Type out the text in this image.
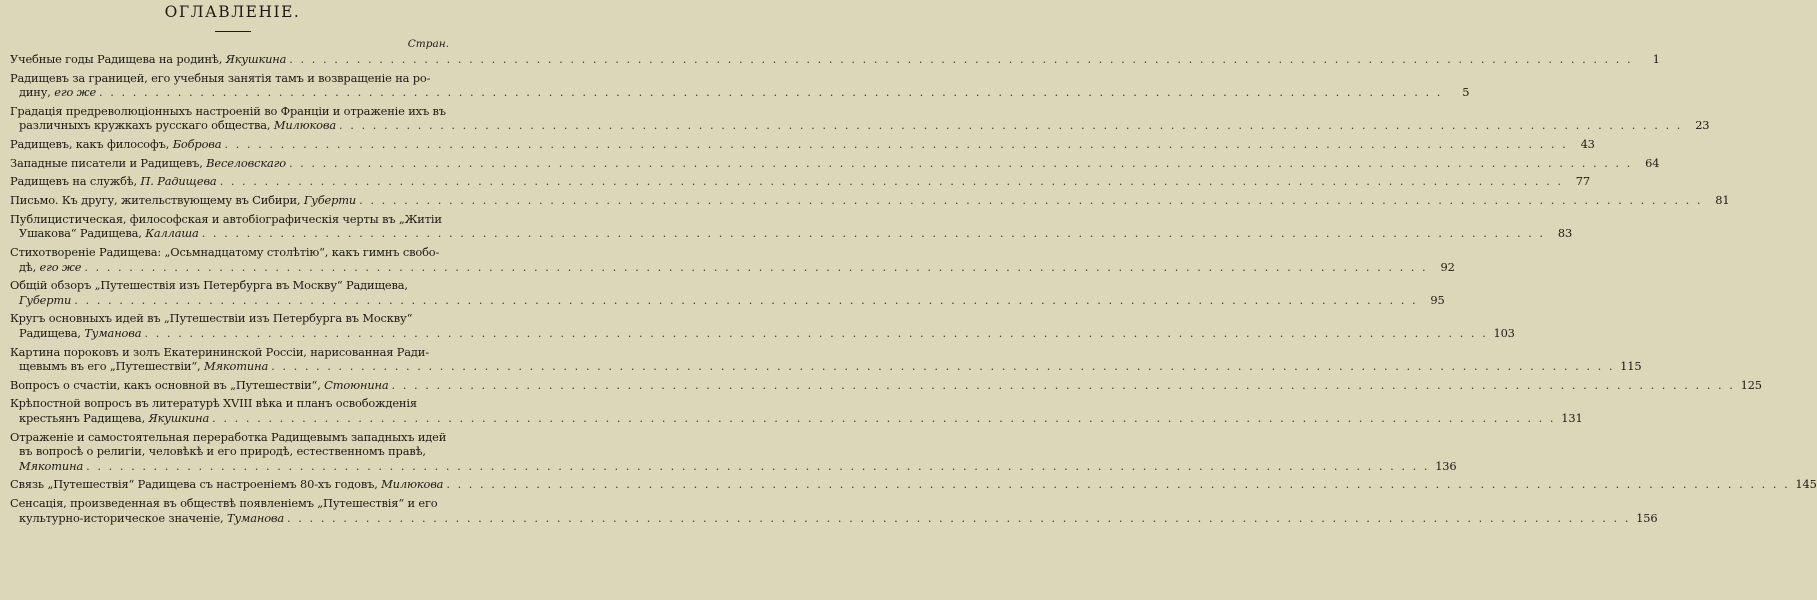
ОГЛАВЛЕНIЕ.
Стран.
Учебные годы Радищева на родинѣ, Якушкина . . . . . . . . . . . . . . . . . . . . . . . . . . . . . . . . . . . . . . . . . . . . . . . . . . . . . . . . . . . . . . . . . . . . . . . . . . . . . . . . . . . . . . . . . . . . . . . . . . . . . . . . . . . . . . . . . . . . . . . .	1
Радищевъ за границей, его учебныя занятiя тамъ и возвращенiе на ро-
дину, его же . . . . . . . . . . . . . . . . . . . . . . . . . . . . . . . . . . . . . . . . . . . . . . . . . . . . . . . . . . . . . . . . . . . . . . . . . . . . . . . . . . . . . . . . . . . . . . . . . . . . . . . . . . . . . . . . . . . . . . . .	5
Градацiя предреволюцiонныхъ настроенiй во Францiи и отраженiе ихъ въ
различныхъ кружкахъ русскаго общества, Милюкова . . . . . . . . . . . . . . . . . . . . . . . . . . . . . . . . . . . . . . . . . . . . . . . . . . . . . . . . . . . . . . . . . . . . . . . . . . . . . . . . . . . . . . . . . . . . . . . . . . . . . . . . . . . . . . . . . . . . . . . .	23
Радищевъ, какъ философъ, Боброва . . . . . . . . . . . . . . . . . . . . . . . . . . . . . . . . . . . . . . . . . . . . . . . . . . . . . . . . . . . . . . . . . . . . . . . . . . . . . . . . . . . . . . . . . . . . . . . . . . . . . . . . . . . . . . . . . . . . . . . .	43
Западные писатели и Радищевъ, Веселовскаго . . . . . . . . . . . . . . . . . . . . . . . . . . . . . . . . . . . . . . . . . . . . . . . . . . . . . . . . . . . . . . . . . . . . . . . . . . . . . . . . . . . . . . . . . . . . . . . . . . . . . . . . . . . . . . . . . . . . . . . .	64
Радищевъ на службѣ, П. Радищева . . . . . . . . . . . . . . . . . . . . . . . . . . . . . . . . . . . . . . . . . . . . . . . . . . . . . . . . . . . . . . . . . . . . . . . . . . . . . . . . . . . . . . . . . . . . . . . . . . . . . . . . . . . . . . . . . . . . . . . .	77
Письмо. Къ другу, жительствующему въ Сибири, Губерти . . . . . . . . . . . . . . . . . . . . . . . . . . . . . . . . . . . . . . . . . . . . . . . . . . . . . . . . . . . . . . . . . . . . . . . . . . . . . . . . . . . . . . . . . . . . . . . . . . . . . . . . . . . . . . . . . . . . . . . .	81
Публицистическая, философская и автобiографическiя черты въ „Житiи
Ушакова“ Радищева, Каллаша . . . . . . . . . . . . . . . . . . . . . . . . . . . . . . . . . . . . . . . . . . . . . . . . . . . . . . . . . . . . . . . . . . . . . . . . . . . . . . . . . . . . . . . . . . . . . . . . . . . . . . . . . . . . . . . . . . . . . . . .	83
Стихотворенiе Радищева: „Осьмнадцатому столѣтiю“, какъ гимнъ свобо-
дѣ, его же . . . . . . . . . . . . . . . . . . . . . . . . . . . . . . . . . . . . . . . . . . . . . . . . . . . . . . . . . . . . . . . . . . . . . . . . . . . . . . . . . . . . . . . . . . . . . . . . . . . . . . . . . . . . . . . . . . . . . . . .	92
Общiй обзоръ „Путешествiя изъ Петербурга въ Москву“ Радищева,
Губерти . . . . . . . . . . . . . . . . . . . . . . . . . . . . . . . . . . . . . . . . . . . . . . . . . . . . . . . . . . . . . . . . . . . . . . . . . . . . . . . . . . . . . . . . . . . . . . . . . . . . . . . . . . . . . . . . . . . . . . . .	95
Кругъ основныхъ идей въ „Путешествiи изъ Петербурга въ Москву“
Радищева, Туманова . . . . . . . . . . . . . . . . . . . . . . . . . . . . . . . . . . . . . . . . . . . . . . . . . . . . . . . . . . . . . . . . . . . . . . . . . . . . . . . . . . . . . . . . . . . . . . . . . . . . . . . . . . . . . . . . . . . . . . . . 103
Картина пороковъ и золъ Екатерининской Россiи, нарисованная Ради-
щевымъ въ его „Путешествiи“, Мякотина . . . . . . . . . . . . . . . . . . . . . . . . . . . . . . . . . . . . . . . . . . . . . . . . . . . . . . . . . . . . . . . . . . . . . . . . . . . . . . . . . . . . . . . . . . . . . . . . . . . . . . . . . . . . . . . . . . . . . . . . 115
Вопросъ о счастiи, какъ основной въ „Путешествiи“, Стоюнина . . . . . . . . . . . . . . . . . . . . . . . . . . . . . . . . . . . . . . . . . . . . . . . . . . . . . . . . . . . . . . . . . . . . . . . . . . . . . . . . . . . . . . . . . . . . . . . . . . . . . . . . . . . . . . . . . . . . . . . . 125
Крѣпостной вопросъ въ литературѣ XVIII вѣка и планъ освобожденiя
крестьянъ Радищева, Якушкина . . . . . . . . . . . . . . . . . . . . . . . . . . . . . . . . . . . . . . . . . . . . . . . . . . . . . . . . . . . . . . . . . . . . . . . . . . . . . . . . . . . . . . . . . . . . . . . . . . . . . . . . . . . . . . . . . . . . . . . . 131
Отраженiе и самостоятельная переработка Радищевымъ западныхъ идей
въ вопросѣ о религiи, человѣкѣ и его природѣ, естественномъ правѣ,
Мякотина . . . . . . . . . . . . . . . . . . . . . . . . . . . . . . . . . . . . . . . . . . . . . . . . . . . . . . . . . . . . . . . . . . . . . . . . . . . . . . . . . . . . . . . . . . . . . . . . . . . . . . . . . . . . . . . . . . . . . . . . 136
Связь „Путешествiя“ Радищева съ настроенiемъ 80-хъ годовъ, Милюкова . . . . . . . . . . . . . . . . . . . . . . . . . . . . . . . . . . . . . . . . . . . . . . . . . . . . . . . . . . . . . . . . . . . . . . . . . . . . . . . . . . . . . . . . . . . . . . . . . . . . . . . . . . . . . . . . . . . . . . . . 145
Сенсацiя, произведенная въ обществѣ появленiемъ „Путешествiя“ и его
культурно-историческое значенiе, Туманова . . . . . . . . . . . . . . . . . . . . . . . . . . . . . . . . . . . . . . . . . . . . . . . . . . . . . . . . . . . . . . . . . . . . . . . . . . . . . . . . . . . . . . . . . . . . . . . . . . . . . . . . . . . . . . . . . . . . . . . . 156
